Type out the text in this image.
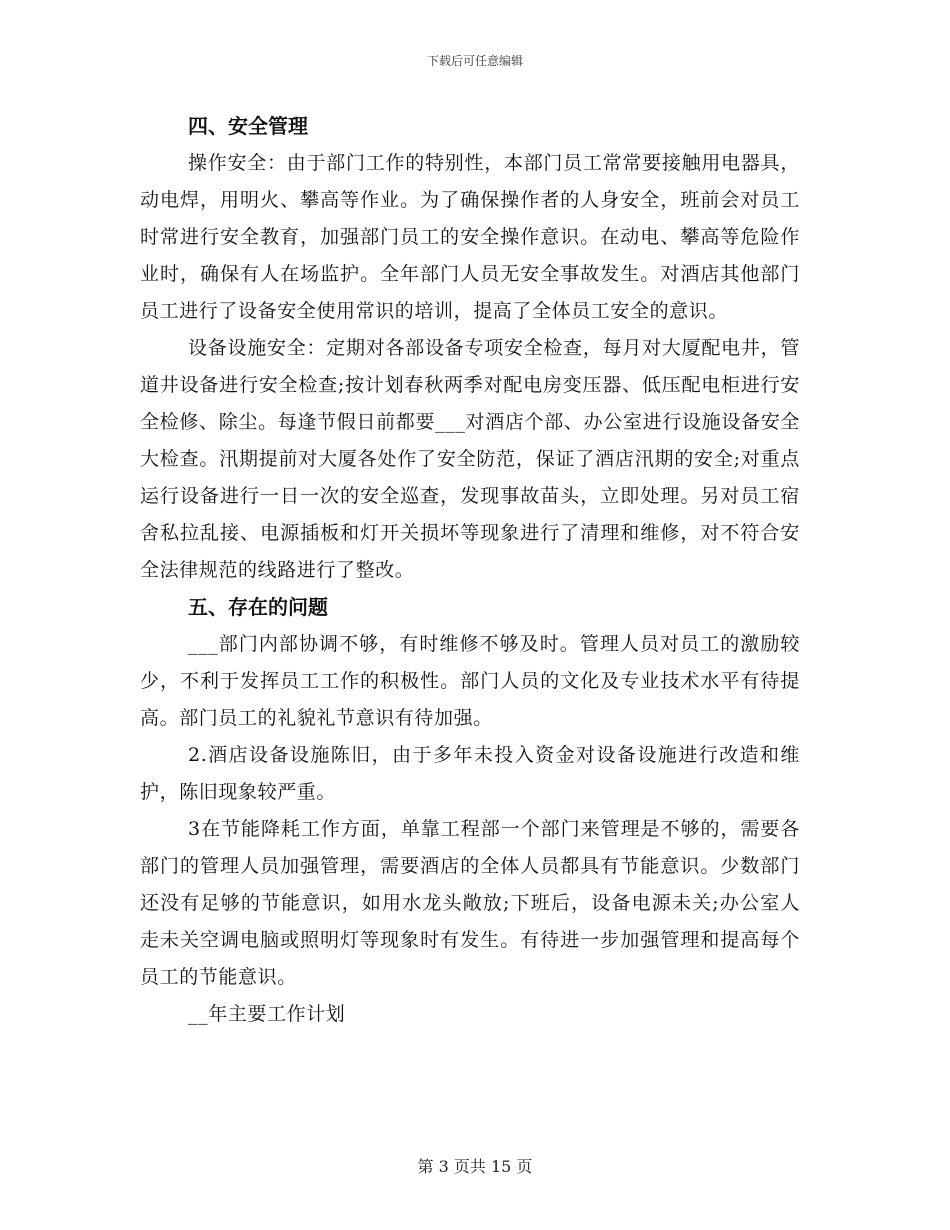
下载后可任意编辑
四、安全管理

操作安全：由于部门工作的特别性，本部门员工常常要接触用电器具，动电焊，用明火、攀高等作业。为了确保操作者的人身安全，班前会对员工时常进行安全教育，加强部门员工的安全操作意识。在动电、攀高等危险作业时，确保有人在场监护。全年部门人员无安全事故发生。对酒店其他部门员工进行了设备安全使用常识的培训，提高了全体员工安全的意识。

设备设施安全：定期对各部设备专项安全检查，每月对大厦配电井，管道井设备进行安全检查;按计划春秋两季对配电房变压器、低压配电柜进行安全检修、除尘。每逢节假日前都要___对酒店个部、办公室进行设施设备安全大检查。汛期提前对大厦各处作了安全防范，保证了酒店汛期的安全;对重点运行设备进行一日一次的安全巡查，发现事故苗头，立即处理。另对员工宿舍私拉乱接、电源插板和灯开关损坏等现象进行了清理和维修，对不符合安全法律规范的线路进行了整改。

五、存在的问题

___部门内部协调不够，有时维修不够及时。管理人员对员工的激励较少，不利于发挥员工工作的积极性。部门人员的文化及专业技术水平有待提高。部门员工的礼貌礼节意识有待加强。

2.酒店设备设施陈旧，由于多年未投入资金对设备设施进行改造和维护，陈旧现象较严重。

3在节能降耗工作方面，单靠工程部一个部门来管理是不够的，需要各部门的管理人员加强管理，需要酒店的全体人员都具有节能意识。少数部门还没有足够的节能意识，如用水龙头敞放;下班后，设备电源未关;办公室人走未关空调电脑或照明灯等现象时有发生。有待进一步加强管理和提高每个员工的节能意识。

__年主要工作计划

第 3 页共 15 页
